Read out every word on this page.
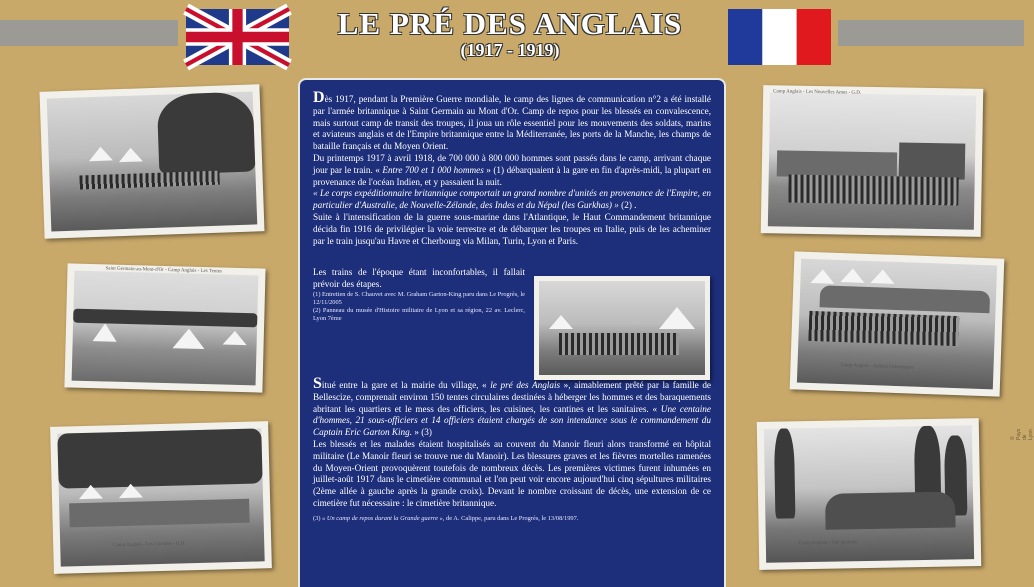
LE PRÉ DES ANGLAIS
(1917 - 1919)

Dès 1917, pendant la Première Guerre mondiale, le camp des lignes de communication n°2 a été installé par l'armée britannique à Saint Germain au Mont d'Or. Camp de repos pour les blessés en convalescence, mais surtout camp de transit des troupes, il joua un rôle essentiel pour les mouvements des soldats, marins et aviateurs anglais et de l'Empire britannique entre la Méditerranée, les ports de la Manche, les champs de bataille français et du Moyen Orient.

Du printemps 1917 à avril 1918, de 700 000 à 800 000 hommes sont passés dans le camp, arrivant chaque jour par le train. « Entre 700 et 1 000 hommes » (1) débarquaient à la gare en fin d'après-midi, la plupart en provenance de l'océan Indien, et y passaient la nuit.

« Le corps expéditionnaire britannique comportait un grand nombre d'unités en provenance de l'Empire, en particulier d'Australie, de Nouvelle-Zélande, des Indes et du Népal (les Gurkhas) » (2) .

Suite à l'intensification de la guerre sous-marine dans l'Atlantique, le Haut Commandement britannique décida fin 1916 de privilégier la voie terrestre et de débarquer les troupes en Italie, puis de les acheminer par le train jusqu'au Havre et Cherbourg via Milan, Turin, Lyon et Paris.

Les trains de l'époque étant inconfortables, il fallait prévoir des étapes.

(1) Entretien de S. Chauvet avec M. Graham Garton-King paru dans Le Progrès, le 12/11/2005

(2) Panneau du musée d'Histoire militaire de Lyon et sa région, 22 av. Leclerc, Lyon 7ème

Situé entre la gare et la mairie du village, « le pré des Anglais », aimablement prêté par la famille de Bellescize, comprenait environ 150 tentes circulaires destinées à héberger les hommes et des baraquements abritant les quartiers et le mess des officiers, les cuisines, les cantines et les sanitaires. « Une centaine d'hommes, 21 sous-officiers et 14 officiers étaient chargés de son intendance sous le commandement du Captain Eric Garton King. » (3)

Les blessés et les malades étaient hospitalisés au couvent du Manoir fleuri alors transformé en hôpital militaire (Le Manoir fleuri se trouve rue du Manoir). Les blessures graves et les fièvres mortelles ramenées du Moyen-Orient provoquèrent toutefois de nombreux décès. Les premières victimes furent inhumées en juillet-août 1917 dans le cimetière communal et l'on peut voir encore aujourd'hui cinq sépultures militaires (2ème allée à gauche après la grande croix). Devant le nombre croissant de décès, une extension de ce cimetière fut nécessaire : le cimetière britannique.

(3) « Un camp de repos durant la Grande guerre », de A. Calippe, paru dans Le Progrès, le 13/08/1997.

Saint Germain-au-Mont-d'Or - Camp Anglais - Les Tentes
Camp Anglais - Les Cuisines - G.D.
Camp Anglais - Les Nouvelles Ames - G.D.
Camp Anglais - Soldats britanniques
Camp Anglais - Vue générale
© Pays de Lyon
